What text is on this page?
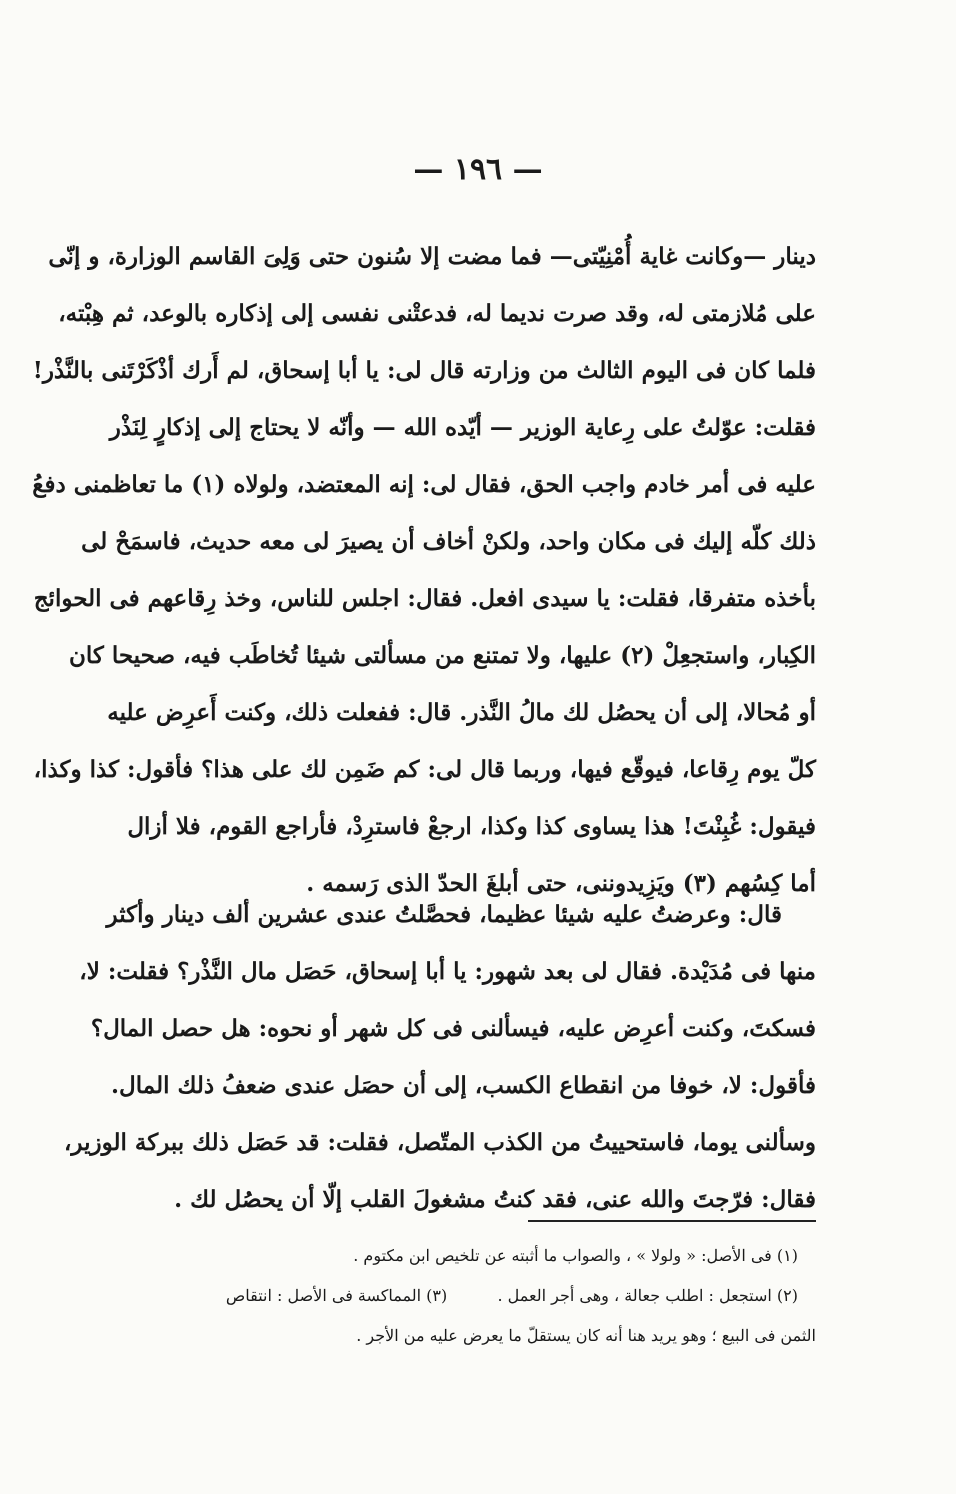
— ١٩٦ —
دينار —وكانت غاية أُمْنِيّتى— فما مضت إلا سُنون حتى وَلِىَ القاسم الوزارة، و إنّى
على مُلازمتى له، وقد صرت نديما له، فدعتْنى نفسى إلى إذكاره بالوعد، ثم هِبْته،
فلما كان فى اليوم الثالث من وزارته قال لى: يا أبا إسحاق، لم أَرك أذْكَرْتَنى بالنَّذْر!
فقلت: عوّلتُ على رِعاية الوزير — أيّده الله — وأنّه لا يحتاج إلى إذكارٍ لِنَذْر
عليه فى أمر خادم واجب الحق، فقال لى: إنه المعتضد، ولولاه (١) ما تعاظمنى دفعُ
ذلك كلّه إليك فى مكان واحد، ولكنْ أخاف أن يصيرَ لى معه حديث، فاسمَحْ لى
بأخذه متفرقا، فقلت: يا سيدى افعل. فقال: اجلس للناس، وخذ رِقاعهم فى الحوائج
الكِبار، واستجعِلْ (٢) عليها، ولا تمتنع من مسألتى شيئا تُخاطَب فيه، صحيحا كان
أو مُحالا، إلى أن يحصُل لك مالُ النَّذر. قال: ففعلت ذلك، وكنت أَعرِض عليه
كلّ يوم رِقاعا، فيوقّع فيها، وربما قال لى: كم ضَمِن لك على هذا؟ فأقول: كذا وكذا،
فيقول: غُبِنْتَ! هذا يساوى كذا وكذا، ارجعْ فاسترِدْ، فأراجع القوم، فلا أزال
أما كِسُهم (٣) ويَزِيدوننى، حتى أبلغَ الحدّ الذى رَسمه .
قال: وعرضتُ عليه شيئا عظيما، فحصَّلتُ عندى عشرين ألف دينار وأكثر
منها فى مُدَيْدة. فقال لى بعد شهور: يا أبا إسحاق، حَصَل مال النَّذْر؟ فقلت: لا،
فسكتَ، وكنت أعرِض عليه، فيسألنى فى كل شهر أو نحوه: هل حصل المال؟
فأقول: لا، خوفا من انقطاع الكسب، إلى أن حصَل عندى ضعفُ ذلك المال.
وسألنى يوما، فاستحييتُ من الكذب المتّصل، فقلت: قد حَصَل ذلك ببركة الوزير،
فقال: فرّجتَ والله عنى، فقد كنتُ مشغولَ القلب إلّا أن يحصُل لك .
(١) فى الأصل: « ولولا » ، والصواب ما أثبته عن تلخيص ابن مكتوم .
(٢) استجعل : اطلب جعالة ، وهى أجر العمل .  (٣) المماكسة فى الأصل : انتقاص
الثمن فى البيع ؛ وهو يريد هنا أنه كان يستقلّ ما يعرض عليه من الأجر .
